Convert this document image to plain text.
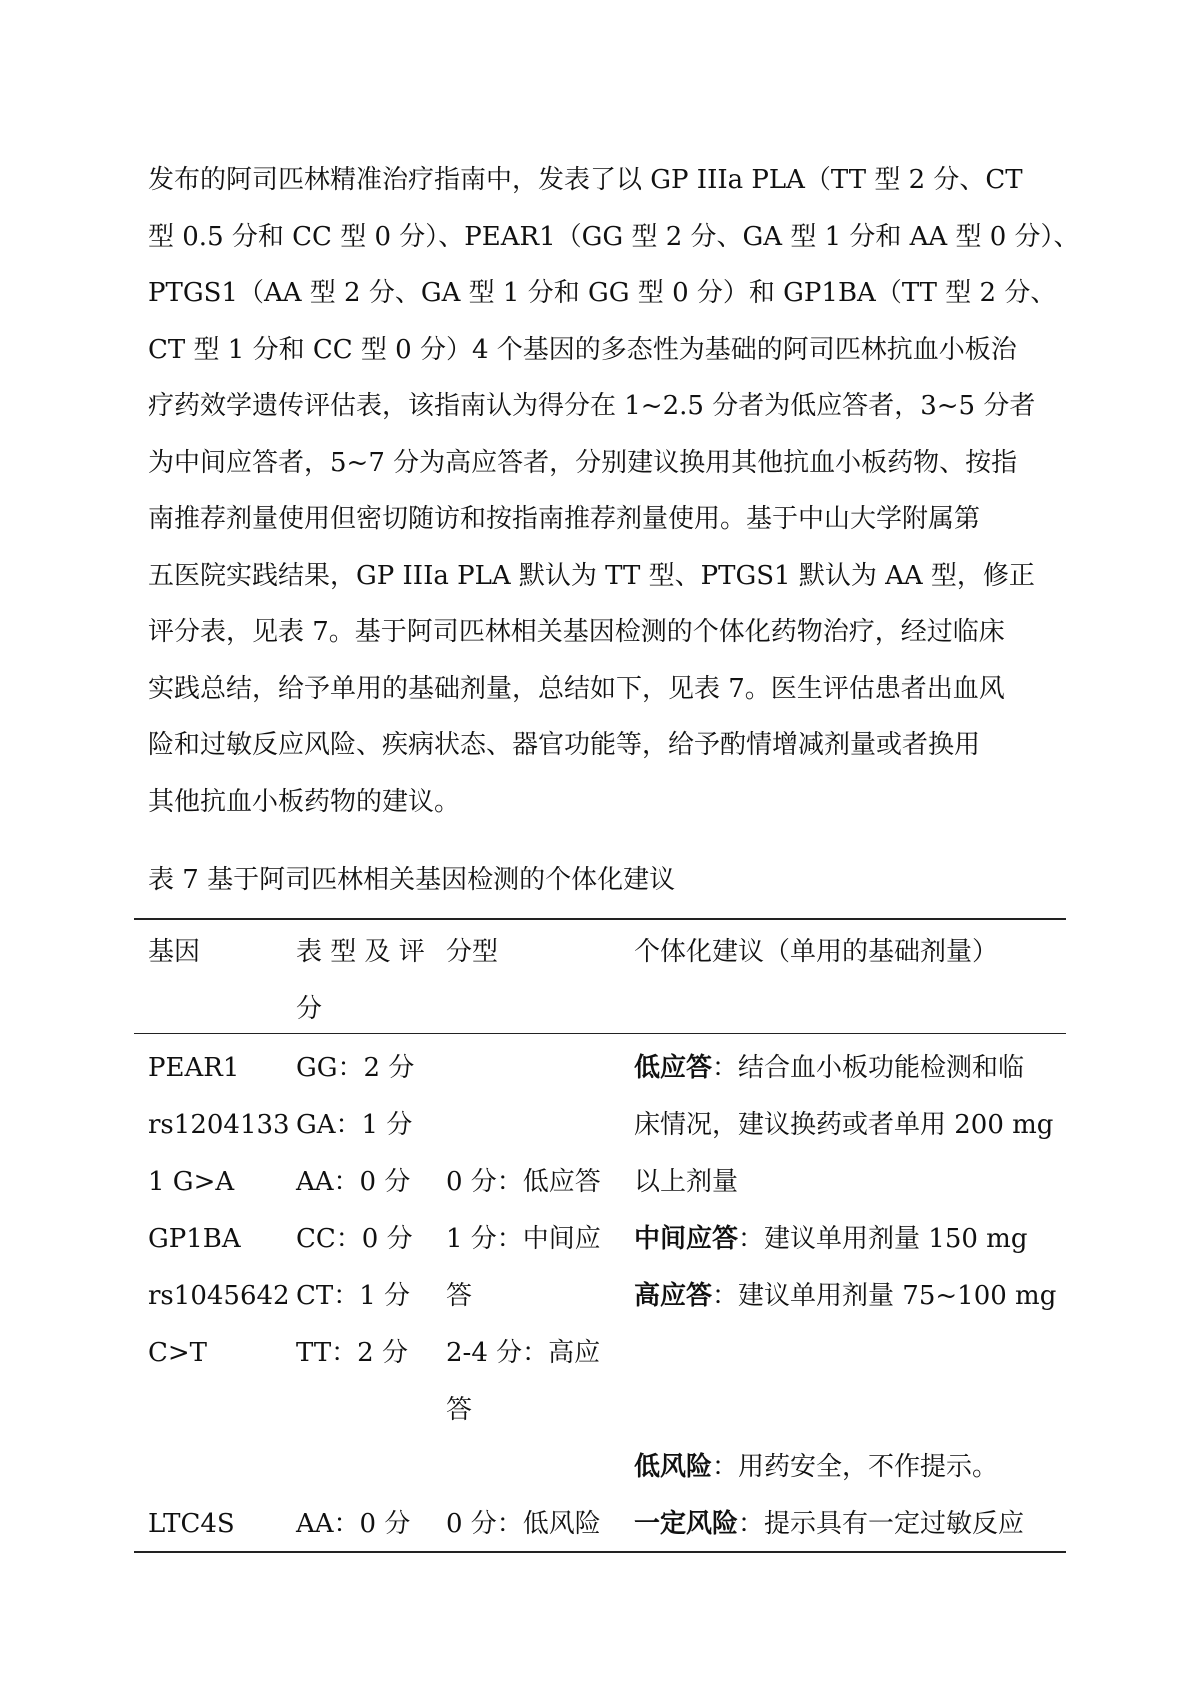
发布的阿司匹林精准治疗指南中，发表了以 GP IIIa PLA（TT 型 2 分、CT
型 0.5 分和 CC 型 0 分）、PEAR1（GG 型 2 分、GA 型 1 分和 AA 型 0 分）、
PTGS1（AA 型 2 分、GA 型 1 分和 GG 型 0 分）和 GP1BA（TT 型 2 分、
CT 型 1 分和 CC 型 0 分）4 个基因的多态性为基础的阿司匹林抗血小板治
疗药效学遗传评估表，该指南认为得分在 1~2.5 分者为低应答者，3~5 分者
为中间应答者，5~7 分为高应答者，分别建议换用其他抗血小板药物、按指
南推荐剂量使用但密切随访和按指南推荐剂量使用。基于中山大学附属第
五医院实践结果，GP IIIa PLA 默认为 TT 型、PTGS1 默认为 AA 型，修正
评分表，见表 7。基于阿司匹林相关基因检测的个体化药物治疗，经过临床
实践总结，给予单用的基础剂量，总结如下，见表 7。医生评估患者出血风
险和过敏反应风险、疾病状态、器官功能等，给予酌情增减剂量或者换用
其他抗血小板药物的建议。
表 7 基于阿司匹林相关基因检测的个体化建议
基因	表 型 及 评
分
分型	个体化建议（单用的基础剂量）
PEAR1
rs1204133
1 G>A
GP1BA
rs1045642
C>T
GG：2 分
GA：1 分
AA：0 分
CC：0 分
CT：1 分
TT：2 分
0 分：低应答
1 分：中间应
答
2-4 分：高应
答
低应答：结合血小板功能检测和临
床情况，建议换药或者单用 200 mg
以上剂量
中间应答：建议单用剂量 150 mg
高应答：建议单用剂量 75~100 mg
低风险：用药安全，不作提示。
LTC4S AA：0 分 0 分：低风险 一定风险：提示具有一定过敏反应
